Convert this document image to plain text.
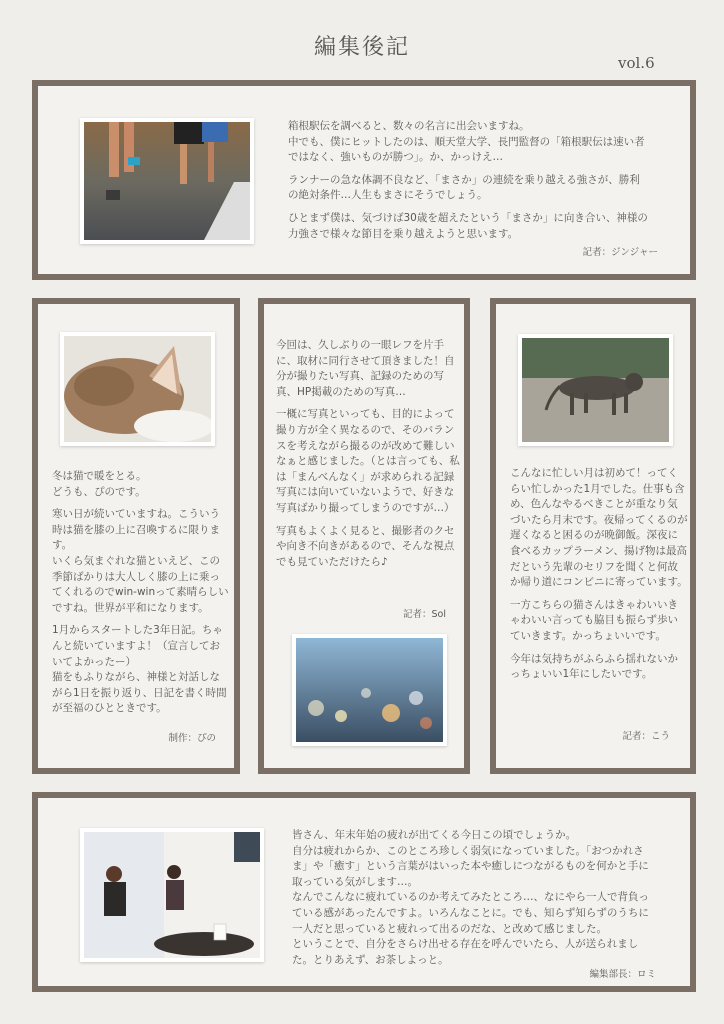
編集後記
vol.6

箱根駅伝を調べると、数々の名言に出会いますね。
中でも、僕にヒットしたのは、順天堂大学、長門監督の「箱根駅伝は速い者
ではなく、強いものが勝つ」。か、かっけえ…

ランナーの急な体調不良など、「まさか」の連続を乗り越える強さが、勝利
の絶対条件…人生もまさにそうでしょう。

ひとまず僕は、気づけば30歳を超えたという「まさか」に向き合い、神様の
力強さで様々な節目を乗り越えようと思います。

記者：ジンジャー

冬は猫で暖をとる。
どうも、ぴのです。

寒い日が続いていますね。こういう時は猫を膝の上に召喚するに限ります。
いくら気まぐれな猫といえど、この季節ばかりは大人しく膝の上に乗ってくれるのでwin-winって素晴らしいですね。世界が平和になります。

1月からスタートした3年日記。ちゃんと続いていますよ！（宣言しておいてよかったー）
猫をもふりながら、神様と対話しながら1日を振り返り、日記を書く時間が至福のひとときです。

制作：ぴの

今回は、久しぶりの一眼レフを片手に、取材に同行させて頂きました！自分が撮りたい写真、記録のための写真、HP掲載のための写真…

一概に写真といっても、目的によって撮り方が全く異なるので、そのバランスを考えながら撮るのが改めて難しいなぁと感じました。（とは言っても、私は「まんべんなく」が求められる記録写真には向いていないようで、好きな写真ばかり撮ってしまうのですが…）

写真もよくよく見ると、撮影者のクセや向き不向きがあるので、そんな視点でも見ていただけたら♪

記者：Sol

こんなに忙しい月は初めて！ってくらい忙しかった1月でした。仕事も含め、色んなやるべきことが重なり気づいたら月末です。夜帰ってくるのが遅くなると困るのが晩御飯。深夜に食べるカップラーメン、揚げ物は最高だという先輩のセリフを聞くと何故か帰り道にコンビニに寄っています。

一方こちらの猫さんはきゃわいいきゃわいい言っても脇目も振らず歩いていきます。かっちょいいです。

今年は気持ちがふらふら揺れないかっちょいい1年にしたいです。

記者：こう

皆さん、年末年始の疲れが出てくる今日この頃でしょうか。
自分は疲れからか、このところ珍しく弱気になっていました。「おつかれさ
ま」や「癒す」という言葉がはいった本や癒しにつながるものを何かと手に
取っている気がします…。
なんでこんなに疲れているのか考えてみたところ…、なにやら一人で背負っ
ている感があったんですよ。いろんなことに。でも、知らず知らずのうちに
一人だと思っていると疲れって出るのだな、と改めて感じました。
ということで、自分をさらけ出せる存在を呼んでいたら、人が送られまし
た。とりあえず、お茶しよっと。

編集部長：ロミ
